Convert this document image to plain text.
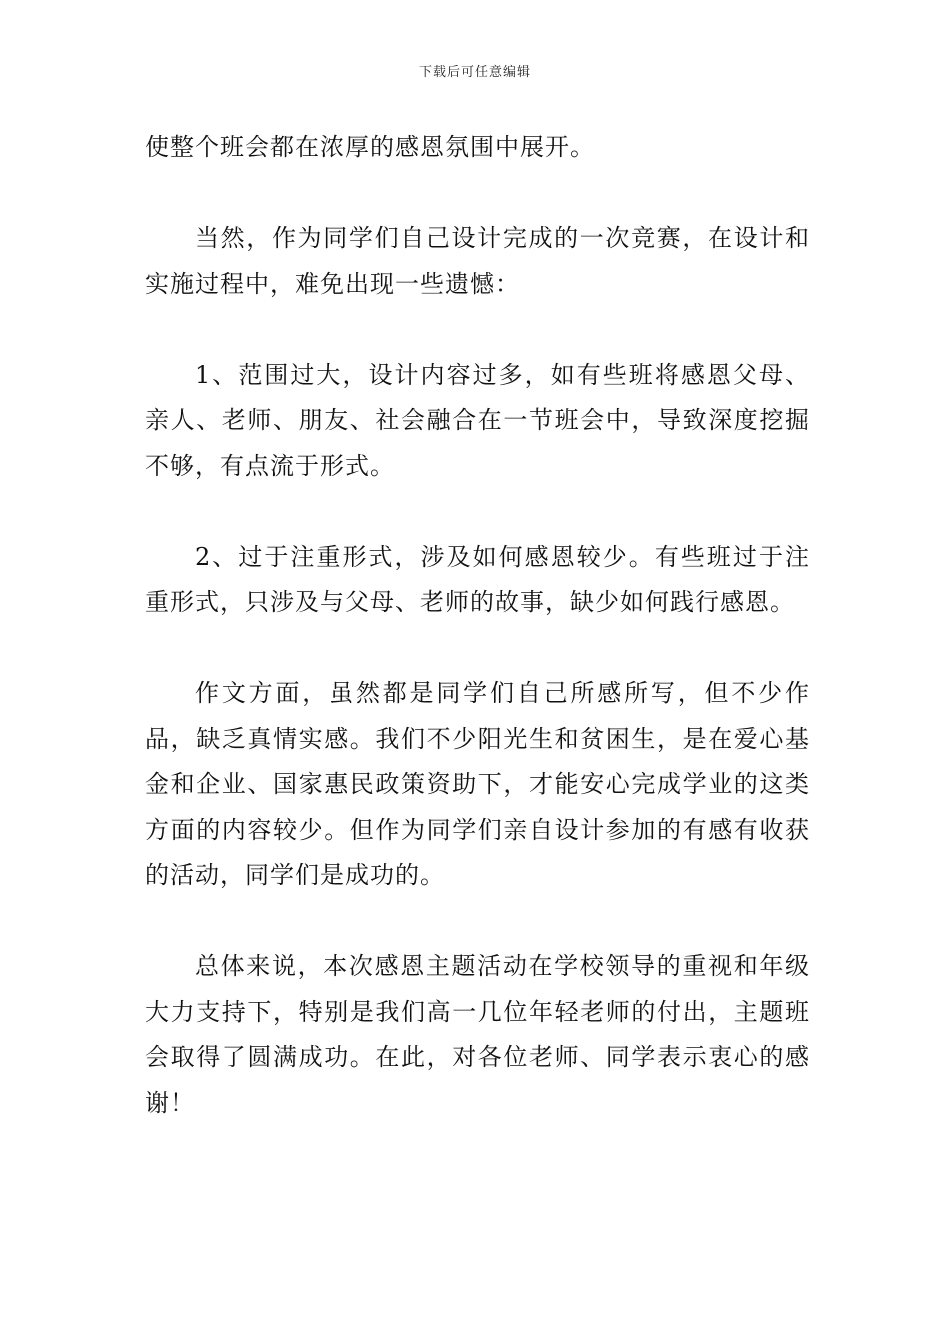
下载后可任意编辑

使整个班会都在浓厚的感恩氛围中展开。

当然，作为同学们自己设计完成的一次竞赛，在设计和实施过程中，难免出现一些遗憾：

1、范围过大，设计内容过多，如有些班将感恩父母、亲人、老师、朋友、社会融合在一节班会中，导致深度挖掘不够，有点流于形式。

2、过于注重形式，涉及如何感恩较少。有些班过于注重形式，只涉及与父母、老师的故事，缺少如何践行感恩。

作文方面，虽然都是同学们自己所感所写，但不少作品，缺乏真情实感。我们不少阳光生和贫困生，是在爱心基金和企业、国家惠民政策资助下，才能安心完成学业的这类方面的内容较少。但作为同学们亲自设计参加的有感有收获的活动，同学们是成功的。

总体来说，本次感恩主题活动在学校领导的重视和年级大力支持下，特别是我们高一几位年轻老师的付出，主题班会取得了圆满成功。在此，对各位老师、同学表示衷心的感谢！
